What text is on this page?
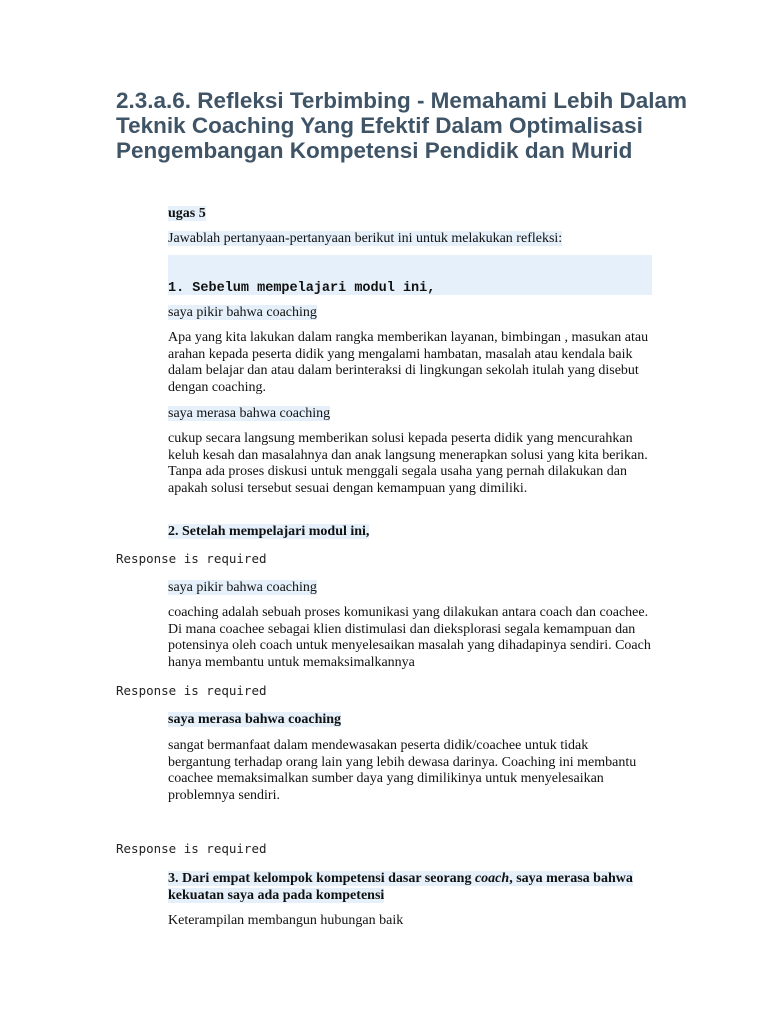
2.3.a.6. Refleksi Terbimbing - Memahami Lebih Dalam Teknik Coaching Yang Efektif Dalam Optimalisasi Pengembangan Kompetensi Pendidik dan Murid
ugas 5
Jawablah pertanyaan-pertanyaan berikut ini untuk melakukan refleksi:
1. Sebelum mempelajari modul ini,
saya pikir bahwa coaching
Apa yang kita lakukan dalam rangka memberikan layanan, bimbingan , masukan atau arahan kepada peserta didik yang mengalami hambatan, masalah atau kendala baik dalam belajar dan atau dalam berinteraksi di lingkungan sekolah itulah yang disebut dengan coaching.
saya merasa bahwa coaching
cukup secara langsung memberikan solusi kepada peserta didik yang mencurahkan keluh kesah dan masalahnya dan anak langsung menerapkan solusi yang kita berikan. Tanpa ada proses diskusi untuk menggali segala usaha yang pernah dilakukan dan apakah solusi tersebut sesuai dengan kemampuan yang dimiliki.
2. Setelah mempelajari modul ini,
Response is required
saya pikir bahwa coaching
coaching adalah sebuah proses komunikasi yang dilakukan antara coach dan coachee. Di mana coachee sebagai klien distimulasi dan dieksplorasi segala kemampuan dan potensinya oleh coach untuk menyelesaikan masalah yang dihadapinya sendiri. Coach hanya membantu untuk memaksimalkannya
Response is required
saya merasa bahwa coaching
sangat bermanfaat dalam mendewasakan peserta didik/coachee untuk tidak bergantung terhadap orang lain yang lebih dewasa darinya. Coaching ini membantu coachee memaksimalkan sumber daya yang dimilikinya untuk menyelesaikan problemnya sendiri.
Response is required
3. Dari empat kelompok kompetensi dasar seorang coach, saya merasa bahwa kekuatan saya ada pada kompetensi
Keterampilan membangun hubungan baik
